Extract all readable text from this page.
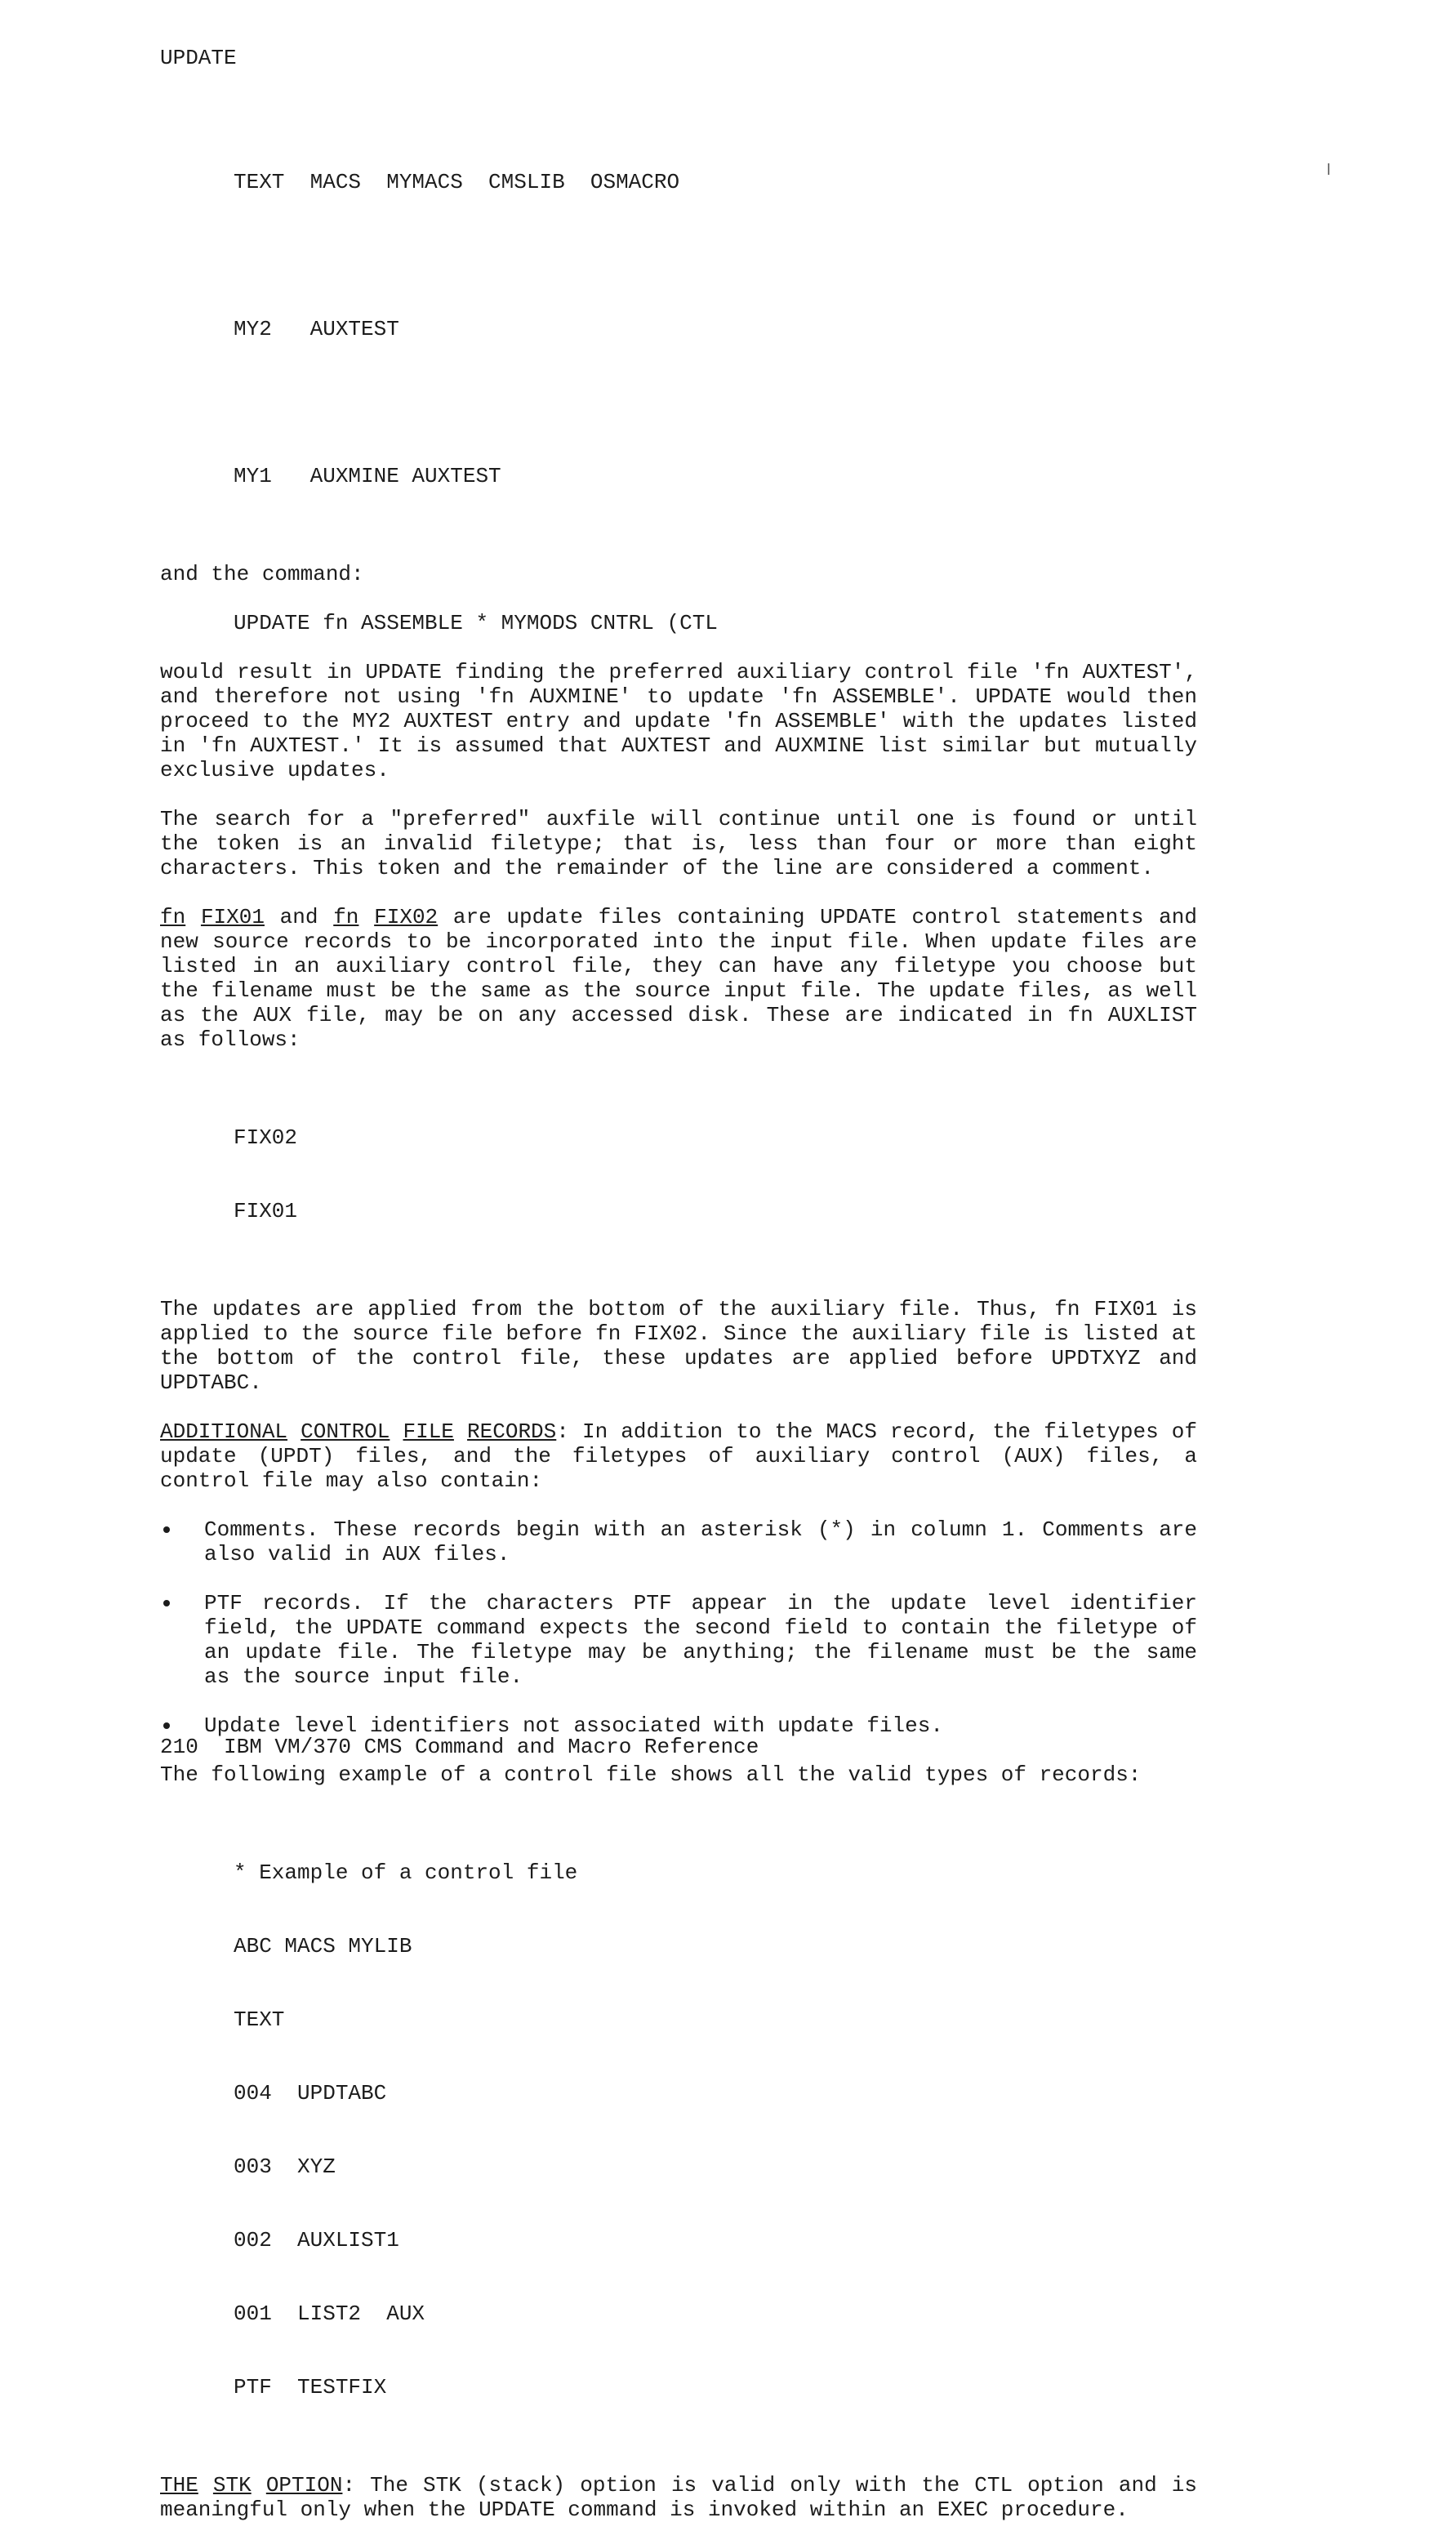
UPDATE

TEXT  MACS  MYMACS  CMSLIB  OSMACRO

MY2   AUXTEST

MY1   AUXMINE AUXTEST

and the command:

UPDATE fn ASSEMBLE * MYMODS CNTRL (CTL

would result in UPDATE finding the preferred auxiliary control file 'fn AUXTEST', and therefore not using 'fn AUXMINE' to update 'fn ASSEMBLE'. UPDATE would then proceed to the MY2 AUXTEST entry and update 'fn ASSEMBLE' with the updates listed in 'fn AUXTEST.' It is assumed that AUXTEST and AUXMINE list similar but mutually exclusive updates.

The search for a "preferred" auxfile will continue until one is found or until the token is an invalid filetype; that is, less than four or more than eight characters. This token and the remainder of the line are considered a comment.

fn FIX01 and fn FIX02 are update files containing UPDATE control statements and new source records to be incorporated into the input file. When update files are listed in an auxiliary control file, they can have any filetype you choose but the filename must be the same as the source input file. The update files, as well as the AUX file, may be on any accessed disk. These are indicated in fn AUXLIST as follows:

FIX02

FIX01

The updates are applied from the bottom of the auxiliary file. Thus, fn FIX01 is applied to the source file before fn FIX02. Since the auxiliary file is listed at the bottom of the control file, these updates are applied before UPDTXYZ and UPDTABC.

ADDITIONAL CONTROL FILE RECORDS: In addition to the MACS record, the filetypes of update (UPDT) files, and the filetypes of auxiliary control (AUX) files, a control file may also contain:

Comments. These records begin with an asterisk (*) in column 1. Comments are also valid in AUX files.
PTF records. If the characters PTF appear in the update level identifier field, the UPDATE command expects the second field to contain the filetype of an update file. The filetype may be anything; the filename must be the same as the source input file.
Update level identifiers not associated with update files.

The following example of a control file shows all the valid types of records:

* Example of a control file

ABC MACS MYLIB

TEXT

004  UPDTABC

003  XYZ

002  AUXLIST1

001  LIST2  AUX

PTF  TESTFIX

THE STK OPTION: The STK (stack) option is valid only with the CTL option and is meaningful only when the UPDATE command is invoked within an EXEC procedure.

210  IBM VM/370 CMS Command and Macro Reference
